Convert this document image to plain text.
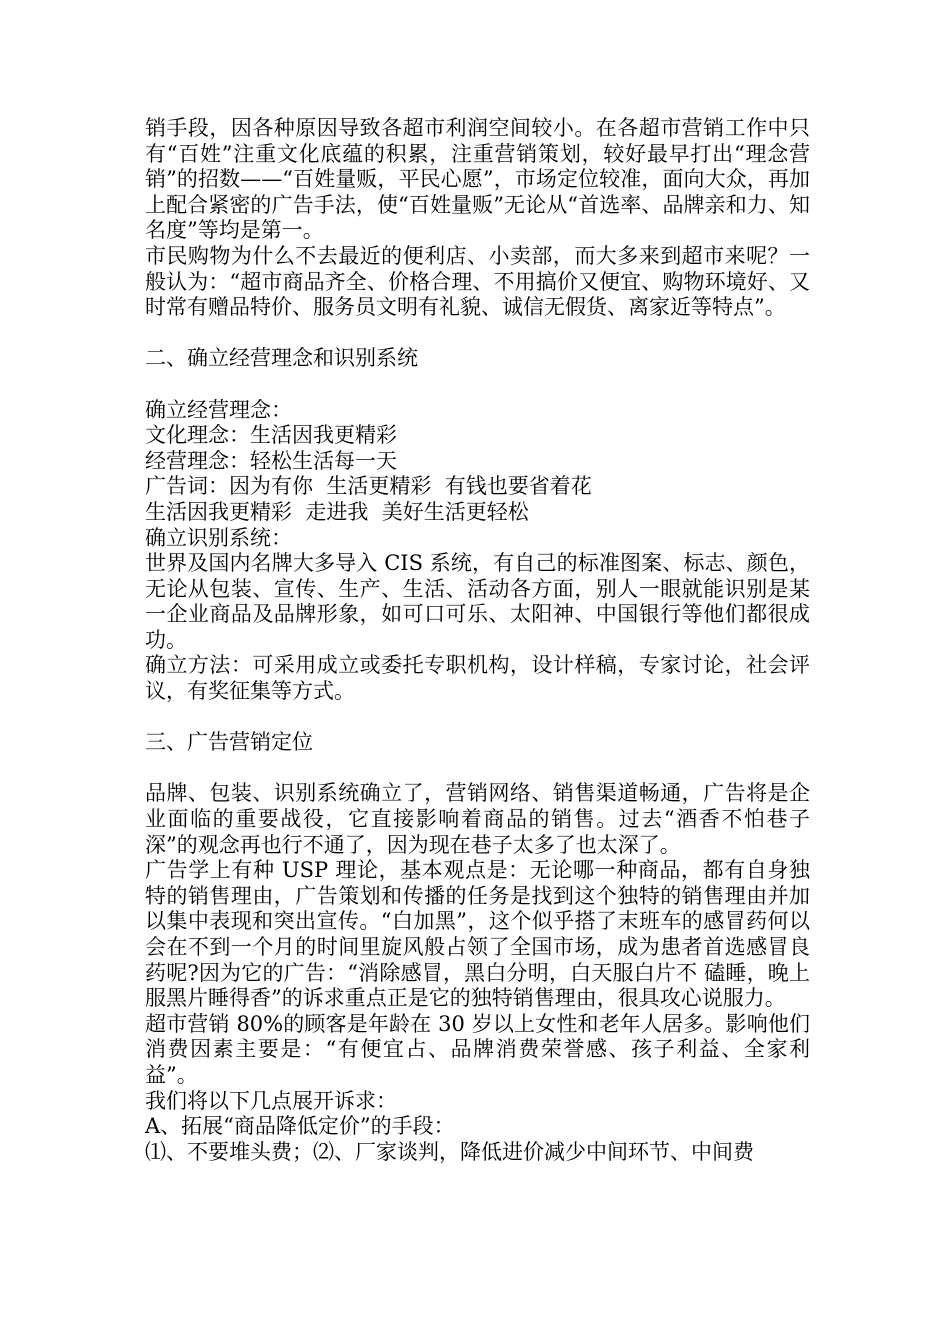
销手段，因各种原因导致各超市利润空间较小。在各超市营销工作中只有“百姓”注重文化底蕴的积累，注重营销策划，较好最早打出“理念营销”的招数——“百姓量贩，平民心愿”，市场定位较准，面向大众，再加上配合紧密的广告手法，使“百姓量贩”无论从“首选率、品牌亲和力、知名度”等均是第一。

市民购物为什么不去最近的便利店、小卖部，而大多来到超市来呢？一般认为：“超市商品齐全、价格合理、不用搞价又便宜、购物环境好、又时常有赠品特价、服务员文明有礼貌、诚信无假货、离家近等特点”。

二、确立经营理念和识别系统

确立经营理念：

文化理念：生活因我更精彩

经营理念：轻松生活每一天

广告词：因为有你  生活更精彩  有钱也要省着花

生活因我更精彩  走进我  美好生活更轻松

确立识别系统：

世界及国内名牌大多导入 CIS 系统，有自己的标准图案、标志、颜色，无论从包装、宣传、生产、生活、活动各方面，别人一眼就能识别是某一企业商品及品牌形象，如可口可乐、太阳神、中国银行等他们都很成功。

确立方法：可采用成立或委托专职机构，设计样稿，专家讨论，社会评议，有奖征集等方式。

三、广告营销定位

品牌、包装、识别系统确立了，营销网络、销售渠道畅通，广告将是企业面临的重要战役，它直接影响着商品的销售。过去“酒香不怕巷子深”的观念再也行不通了，因为现在巷子太多了也太深了。

广告学上有种 USP 理论，基本观点是：无论哪一种商品，都有自身独特的销售理由，广告策划和传播的任务是找到这个独特的销售理由并加以集中表现和突出宣传。“白加黑”，这个似乎搭了末班车的感冒药何以会在不到一个月的时间里旋风般占领了全国市场，成为患者首选感冒良药呢?因为它的广告：“消除感冒，黑白分明，白天服白片不 磕睡，晚上服黑片睡得香”的诉求重点正是它的独特销售理由，很具攻心说服力。

超市营销 80%的顾客是年龄在 30 岁以上女性和老年人居多。影响他们消费因素主要是：“有便宜占、品牌消费荣誉感、孩子利益、全家利益”。

我们将以下几点展开诉求：

A、拓展“商品降低定价”的手段：

⑴、不要堆头费；⑵、厂家谈判，降低进价减少中间环节、中间费
